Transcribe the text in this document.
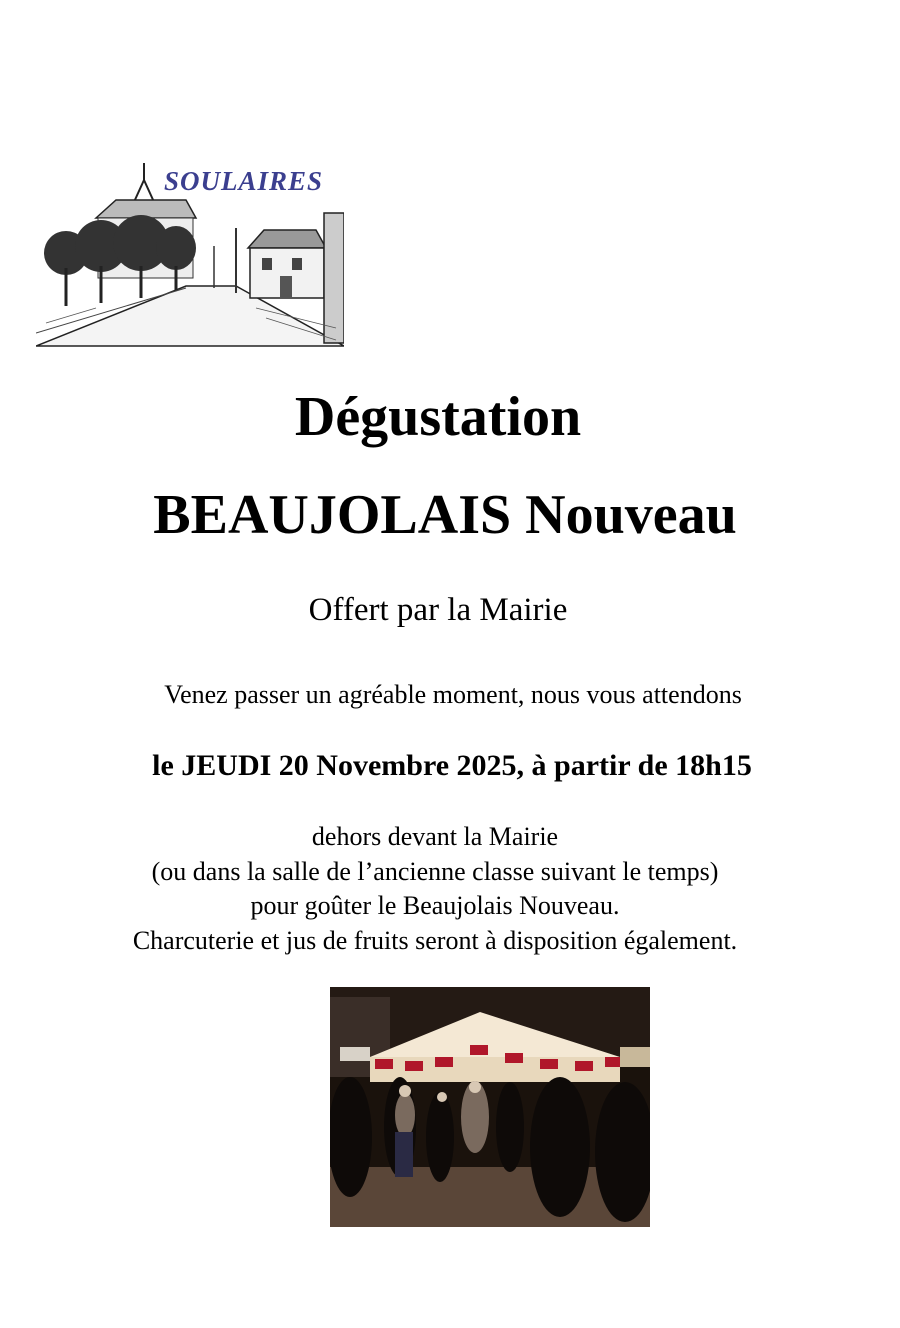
SOULAIRES
Dégustation
BEAUJOLAIS Nouveau
Offert par la Mairie
Venez passer un agréable moment, nous vous attendons
le JEUDI 20 Novembre 2025, à partir de 18h15
dehors devant la Mairie
(ou dans la salle de l’ancienne classe suivant le temps)
pour goûter le Beaujolais Nouveau.
Charcuterie et jus de fruits seront à disposition également.
